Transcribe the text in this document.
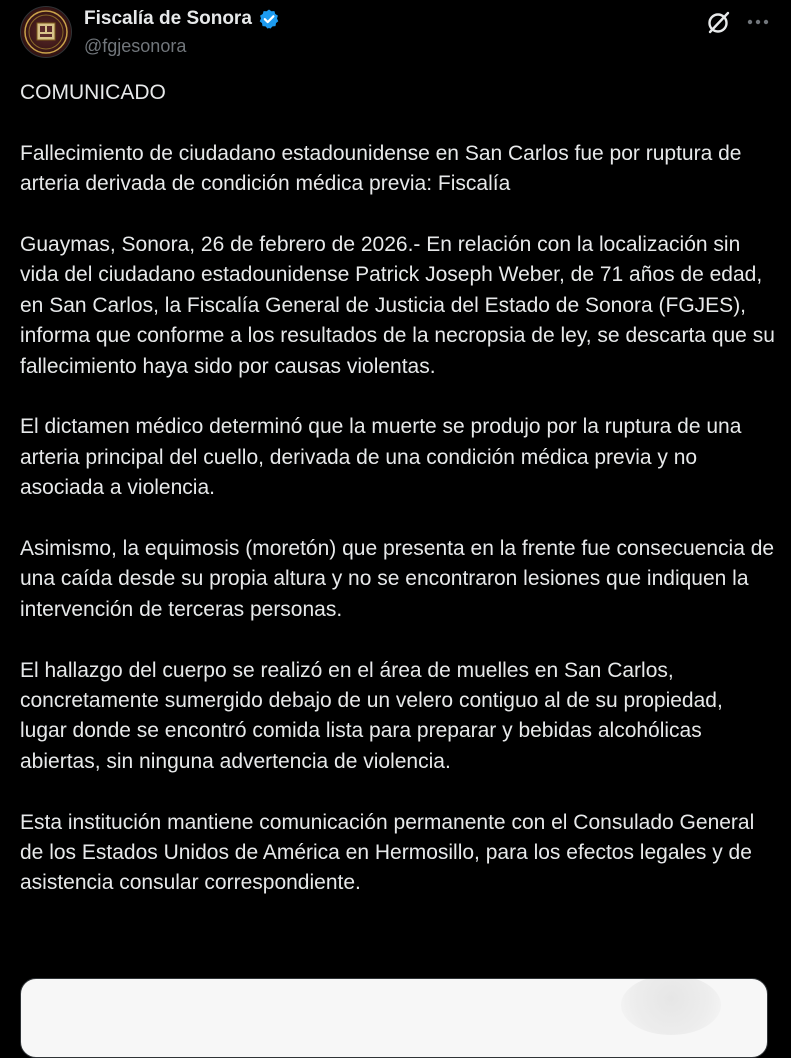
Fiscalía de Sonora
@fgjesonora

COMUNICADO

Fallecimiento de ciudadano estadounidense en San Carlos fue por ruptura de arteria derivada de condición médica previa: Fiscalía

Guaymas, Sonora, 26 de febrero de 2026.- En relación con la localización sin vida del ciudadano estadounidense Patrick Joseph Weber, de 71 años de edad, en San Carlos, la Fiscalía General de Justicia del Estado de Sonora (FGJES), informa que conforme a los resultados de la necropsia de ley, se descarta que su fallecimiento haya sido por causas violentas.

El dictamen médico determinó que la muerte se produjo por la ruptura de una arteria principal del cuello, derivada de una condición médica previa y no asociada a violencia.

Asimismo, la equimosis (moretón) que presenta en la frente fue consecuencia de una caída desde su propia altura y no se encontraron lesiones que indiquen la intervención de terceras personas.

El hallazgo del cuerpo se realizó en el área de muelles en San Carlos, concretamente sumergido debajo de un velero contiguo al de su propiedad, lugar donde se encontró comida lista para preparar y bebidas alcohólicas abiertas, sin ninguna advertencia de violencia.

Esta institución mantiene comunicación permanente con el Consulado General de los Estados Unidos de América en Hermosillo, para los efectos legales y de asistencia consular correspondiente.
